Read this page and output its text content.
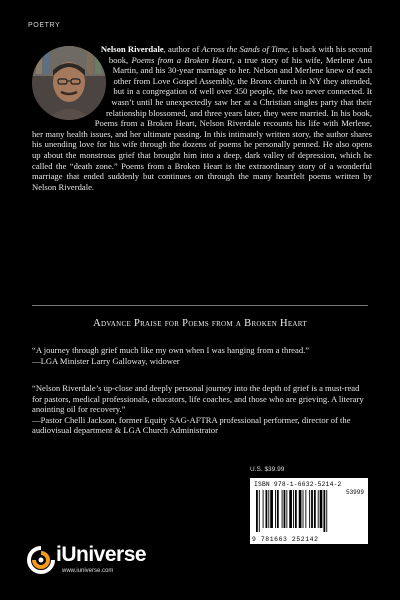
POETRY
Nelson Riverdale, author of Across the Sands of Time, is back with his second book, Poems from a Broken Heart, a true story of his wife, Merlene Ann Martin, and his 30-year marriage to her. Nelson and Merlene knew of each other from Love Gospel Assembly, the Bronx church in NY they attended, but in a congregation of well over 350 people, the two never connected. It wasn’t until he unexpectedly saw her at a Christian singles party that their relationship blossomed, and three years later, they were married. In his book, Poems from a Broken Heart, Nelson Riverdale recounts his life with Merlene, her many health issues, and her ultimate passing. In this intimately written story, the author shares his unending love for his wife through the dozens of poems he personally penned. He also opens up about the monstrous grief that brought him into a deep, dark valley of depression, which he called the “death zone.” Poems from a Broken Heart is the extraordinary story of a wonderful marriage that ended suddenly but continues on through the many heartfelt poems written by Nelson Riverdale.
Advance Praise for Poems from a Broken Heart
“A journey through grief much like my own when I was hanging from a thread.”
—LGA Minister Larry Galloway, widower
“Nelson Riverdale’s up-close and deeply personal journey into the depth of grief is a must-read for pastors, medical professionals, educators, life coaches, and those who are grieving. A literary anointing oil for recovery.”
—Pastor Chelli Jackson, former Equity SAG-AFTRA professional performer, director of the audiovisual department & LGA Church Administrator
U.S. $39.99
ISBN 978-1-6632-5214-2
53999
9 781663 252142
iUniverse
www.iuniverse.com
